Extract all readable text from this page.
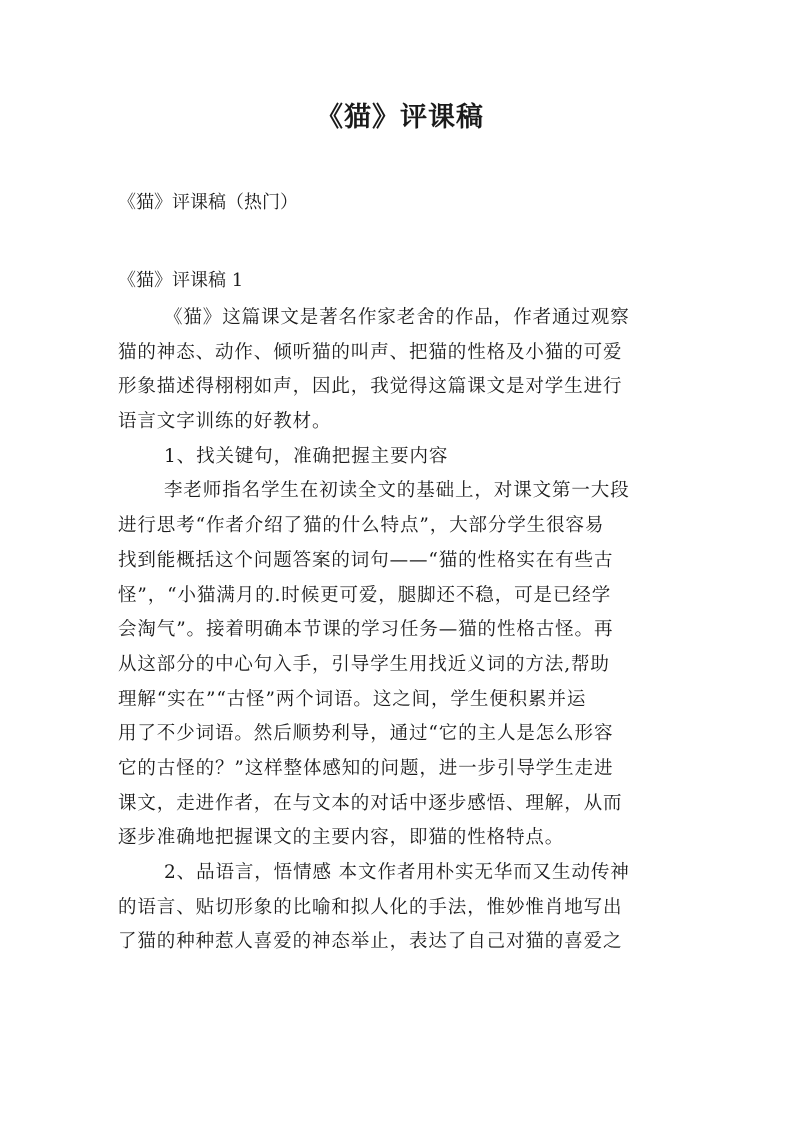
《猫》评课稿

《猫》评课稿（热门）

《猫》评课稿 1

《猫》这篇课文是著名作家老舍的作品，作者通过观察
猫的神态、动作、倾听猫的叫声、把猫的性格及小猫的可爱
形象描述得栩栩如声，因此，我觉得这篇课文是对学生进行
语言文字训练的好教材。
1、找关键句，准确把握主要内容
李老师指名学生在初读全文的基础上，对课文第一大段
进行思考“作者介绍了猫的什么特点”，大部分学生很容易
找到能概括这个问题答案的词句——“猫的性格实在有些古
怪”，“小猫满月的.时候更可爱，腿脚还不稳，可是已经学
会淘气”。接着明确本节课的学习任务—猫的性格古怪。再
从这部分的中心句入手，引导学生用找近义词的方法,帮助
理解“实在”“古怪”两个词语。这之间，学生便积累并运
用了不少词语。然后顺势利导，通过“它的主人是怎么形容
它的古怪的？”这样整体感知的问题，进一步引导学生走进
课文，走进作者，在与文本的对话中逐步感悟、理解，从而
逐步准确地把握课文的主要内容，即猫的性格特点。
2、品语言，悟情感 本文作者用朴实无华而又生动传神
的语言、贴切形象的比喻和拟人化的手法，惟妙惟肖地写出
了猫的种种惹人喜爱的神态举止，表达了自己对猫的喜爱之
